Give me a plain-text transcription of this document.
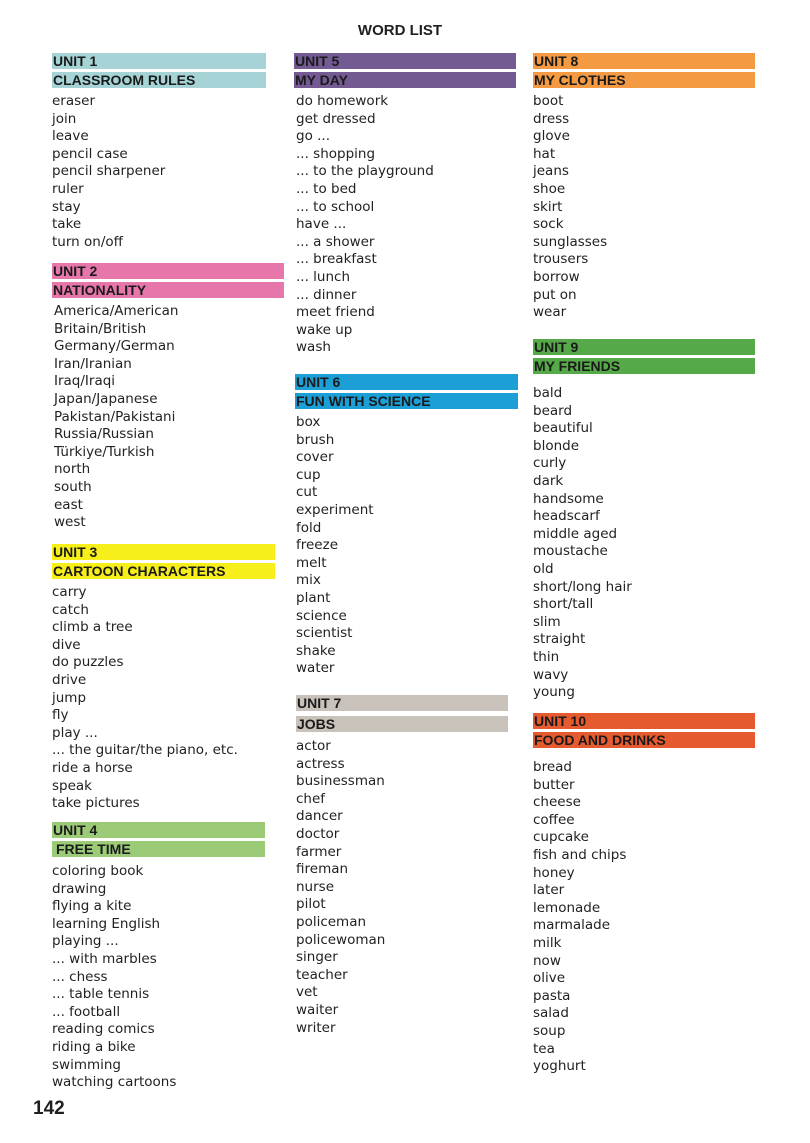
WORD LIST
UNIT 1
CLASSROOM RULES
eraser
join
leave
pencil case
pencil sharpener
ruler
stay
take
turn on/off
UNIT 2
NATIONALITY
America/American
Britain/British
Germany/German
Iran/Iranian
Iraq/Iraqi
Japan/Japanese
Pakistan/Pakistani
Russia/Russian
Türkiye/Turkish
north
south
east
west
UNIT 3
CARTOON CHARACTERS
carry
catch
climb a tree
dive
do puzzles
drive
jump
fly
play ...
... the guitar/the piano, etc.
ride a horse
speak
take pictures
UNIT 4
FREE TIME
coloring book
drawing
flying a kite
learning English
playing ...
... with marbles
... chess
... table tennis
... football
reading comics
riding a bike
swimming
watching cartoons
UNIT 5
MY DAY
do homework
get dressed
go ...
... shopping
... to the playground
... to bed
... to school
have ...
... a shower
... breakfast
... lunch
... dinner
meet friend
wake up
wash
UNIT 6
FUN WITH SCIENCE
box
brush
cover
cup
cut
experiment
fold
freeze
melt
mix
plant
science
scientist
shake
water
UNIT 7
JOBS
actor
actress
businessman
chef
dancer
doctor
farmer
fireman
nurse
pilot
policeman
policewoman
singer
teacher
vet
waiter
writer
UNIT 8
MY CLOTHES
boot
dress
glove
hat
jeans
shoe
skirt
sock
sunglasses
trousers
borrow
put on
wear
UNIT 9
MY FRIENDS
bald
beard
beautiful
blonde
curly
dark
handsome
headscarf
middle aged
moustache
old
short/long hair
short/tall
slim
straight
thin
wavy
young
UNIT 10
FOOD AND DRINKS
bread
butter
cheese
coffee
cupcake
fish and chips
honey
later
lemonade
marmalade
milk
now
olive
pasta
salad
soup
tea
yoghurt
142
